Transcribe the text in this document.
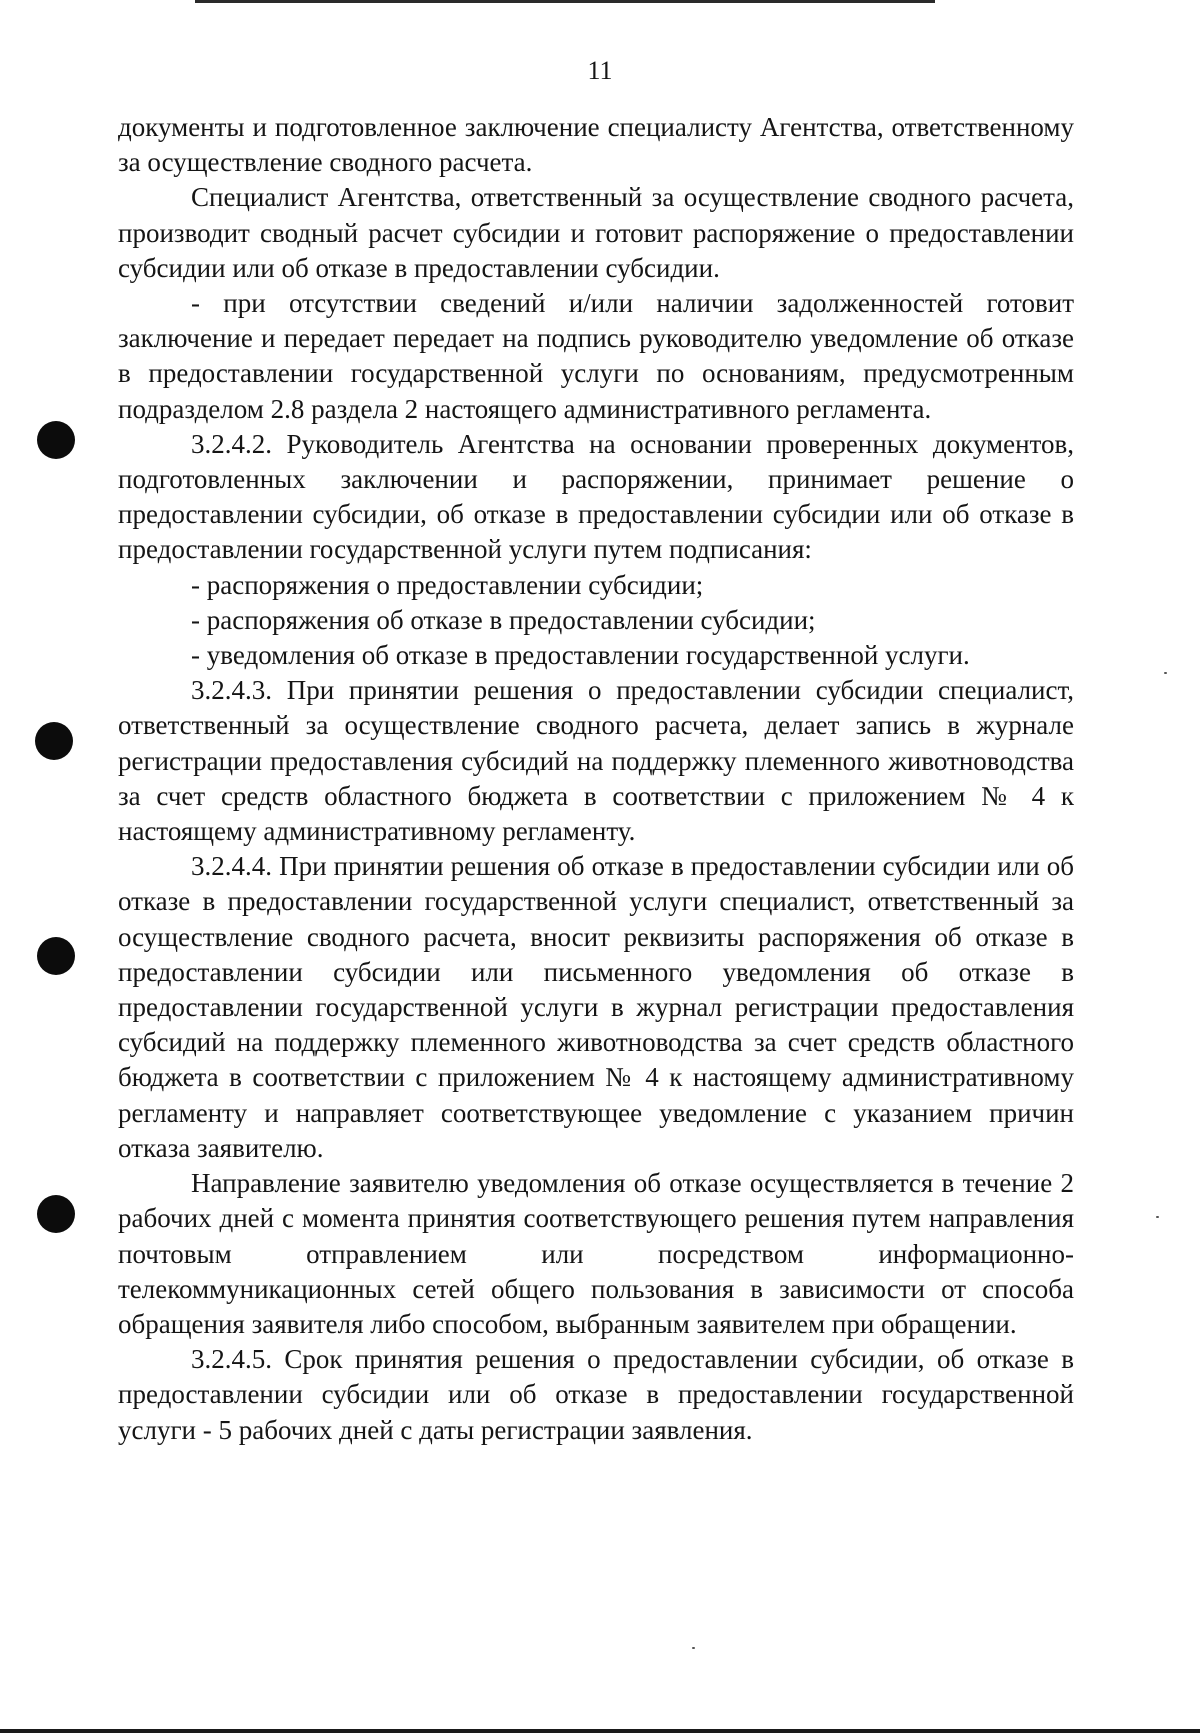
11

документы и подготовленное заключение специалисту Агентства, ответственному за осуществление сводного расчета.

Специалист Агентства, ответственный за осуществление сводного расчета, производит сводный расчет субсидии и готовит распоряжение о предоставлении субсидии или об отказе в предоставлении субсидии.

- при отсутствии сведений и/или наличии задолженностей готовит заключение и передает передает на подпись руководителю уведомление об отказе в предоставлении государственной услуги по основаниям, предусмотренным подразделом 2.8 раздела 2 настоящего административного регламента.

3.2.4.2. Руководитель Агентства на основании проверенных документов, подготовленных заключении и распоряжении, принимает решение о предоставлении субсидии, об отказе в предоставлении субсидии или об отказе в предоставлении государственной услуги путем подписания:

- распоряжения о предоставлении субсидии;

- распоряжения об отказе в предоставлении субсидии;

- уведомления об отказе в предоставлении государственной услуги.

3.2.4.3. При принятии решения о предоставлении субсидии специалист, ответственный за осуществление сводного расчета, делает запись в журнале регистрации предоставления субсидий на поддержку племенного животноводства за счет средств областного бюджета в соответствии с приложением № 4 к настоящему административному регламенту.

3.2.4.4. При принятии решения об отказе в предоставлении субсидии или об отказе в предоставлении государственной услуги специалист, ответственный за осуществление сводного расчета, вносит реквизиты распоряжения об отказе в предоставлении субсидии или письменного уведомления об отказе в предоставлении государственной услуги в журнал регистрации предоставления субсидий на поддержку племенного животноводства за счет средств областного бюджета в соответствии с приложением № 4 к настоящему административному регламенту и направляет соответствующее уведомление с указанием причин отказа заявителю.

Направление заявителю уведомления об отказе осуществляется в течение 2 рабочих дней с момента принятия соответствующего решения путем направления почтовым отправлением или посредством информационно-телекоммуникационных сетей общего пользования в зависимости от способа обращения заявителя либо способом, выбранным заявителем при обращении.

3.2.4.5. Срок принятия решения о предоставлении субсидии, об отказе в предоставлении субсидии или об отказе в предоставлении государственной услуги - 5 рабочих дней с даты регистрации заявления.
